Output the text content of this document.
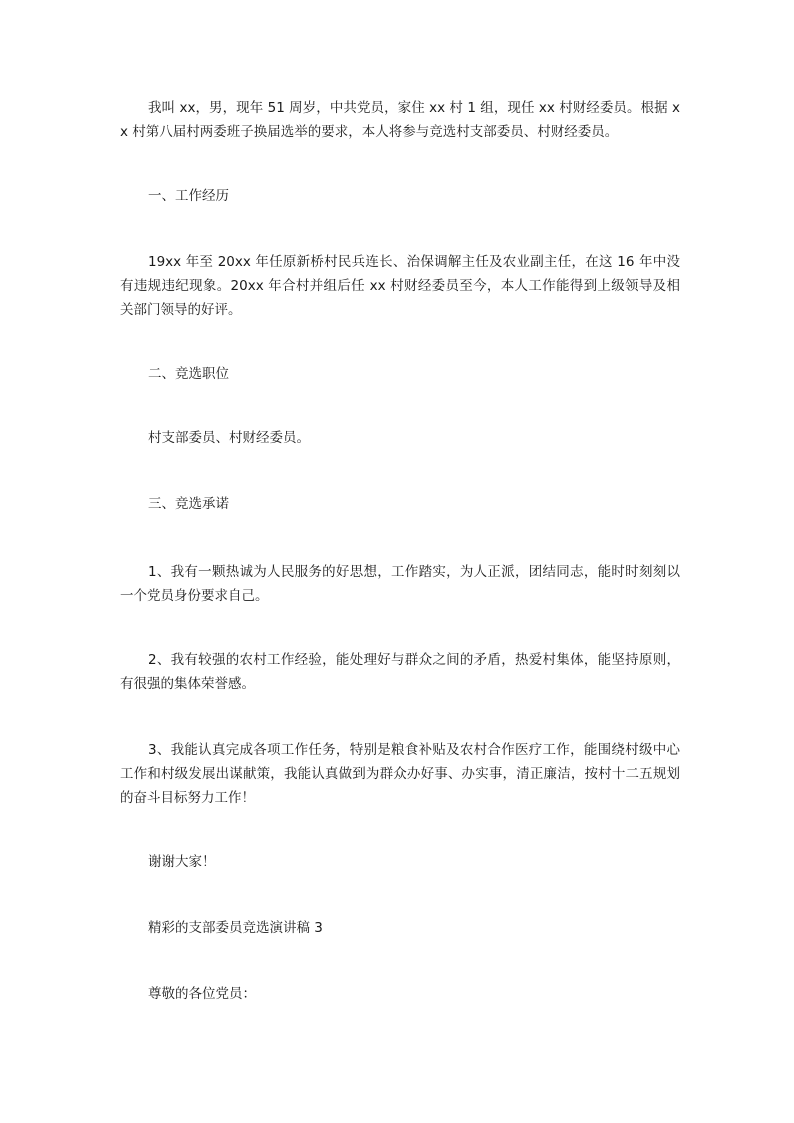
我叫 xx，男，现年 51 周岁，中共党员，家住 xx 村 1 组，现任 xx 村财经委员。根据 xx 村第八届村两委班子换届选举的要求，本人将参与竞选村支部委员、村财经委员。

一、工作经历

19xx 年至 20xx 年任原新桥村民兵连长、治保调解主任及农业副主任，在这 16 年中没有违规违纪现象。20xx 年合村并组后任 xx 村财经委员至今，本人工作能得到上级领导及相关部门领导的好评。

二、竞选职位

村支部委员、村财经委员。

三、竞选承诺

1、我有一颗热诚为人民服务的好思想，工作踏实，为人正派，团结同志，能时时刻刻以一个党员身份要求自己。

2、我有较强的农村工作经验，能处理好与群众之间的矛盾，热爱村集体，能坚持原则，有很强的集体荣誉感。

3、我能认真完成各项工作任务，特别是粮食补贴及农村合作医疗工作，能围绕村级中心工作和村级发展出谋献策，我能认真做到为群众办好事、办实事，清正廉洁，按村十二五规划的奋斗目标努力工作！

谢谢大家！

精彩的支部委员竞选演讲稿 3

尊敬的各位党员：
